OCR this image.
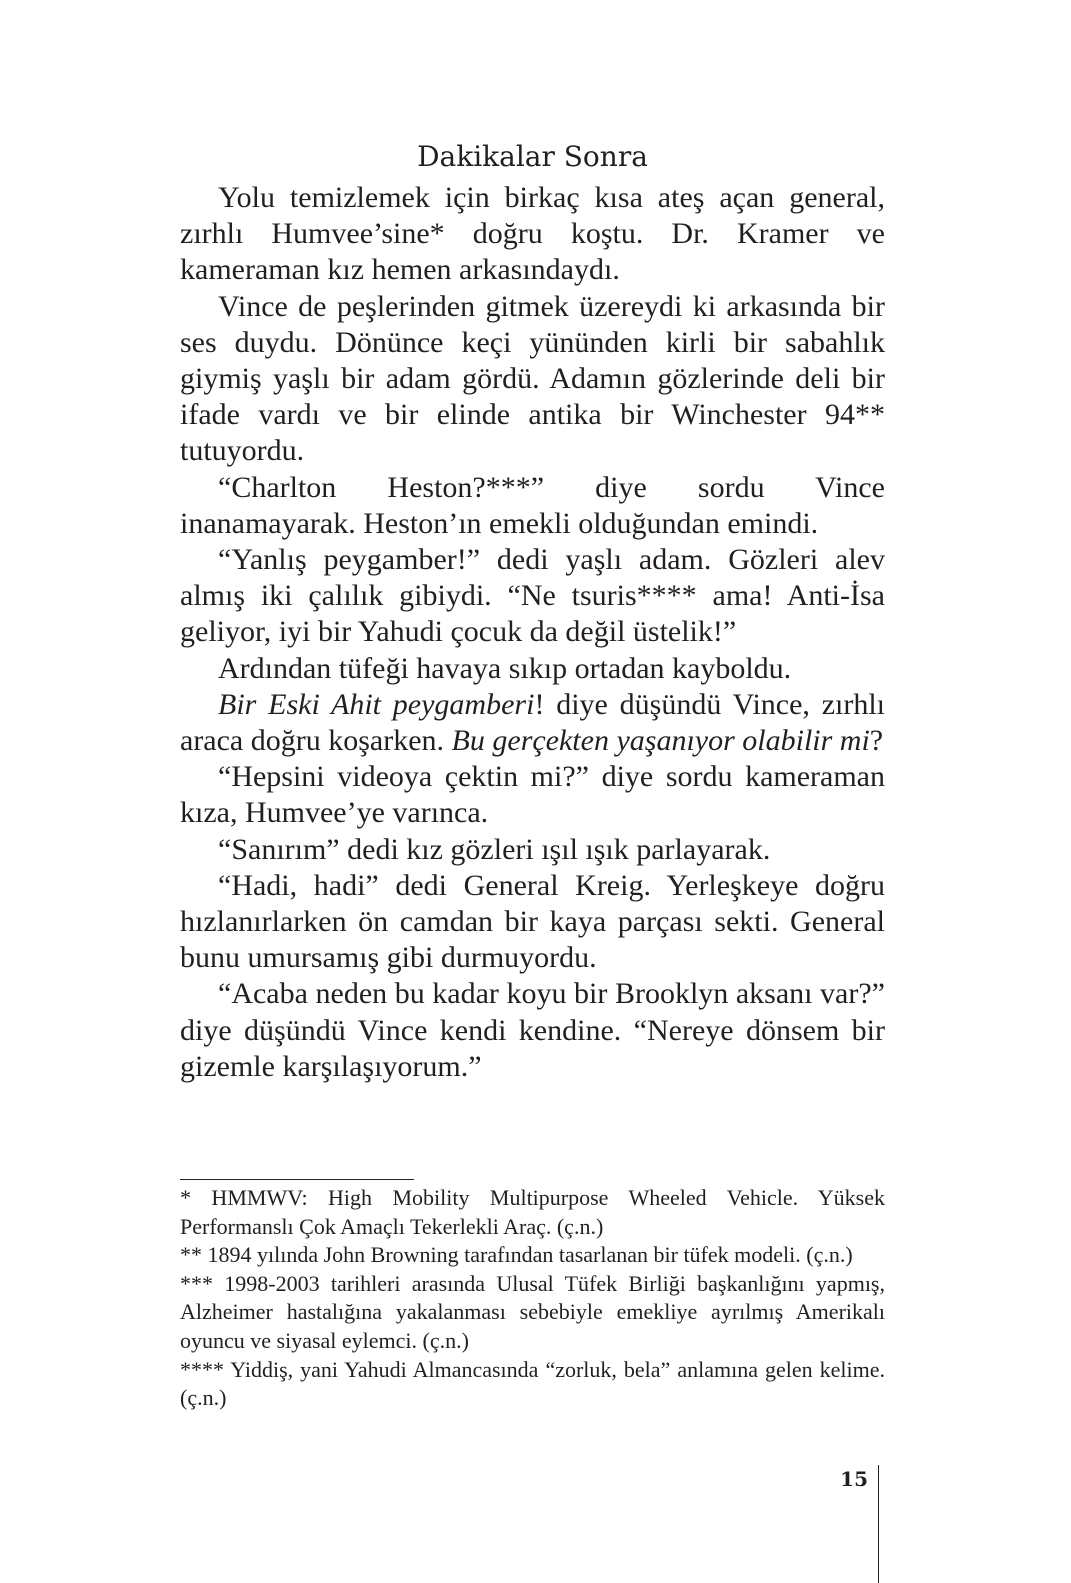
Dakikalar Sonra

Yolu temizlemek için birkaç kısa ateş açan general, zırhlı Humvee’sine* doğru koştu. Dr. Kramer ve kameraman kız hemen arkasındaydı.

Vince de peşlerinden gitmek üzereydi ki arkasında bir ses duydu. Dönünce keçi yününden kirli bir sabahlık giymiş yaşlı bir adam gördü. Adamın gözlerinde deli bir ifade vardı ve bir elinde antika bir Winchester 94** tutuyordu.

“Charlton Heston?***” diye sordu Vince inanamayarak. Heston’ın emekli olduğundan emindi.

“Yanlış peygamber!” dedi yaşlı adam. Gözleri alev almış iki çalılık gibiydi. “Ne tsuris**** ama! Anti-İsa geliyor, iyi bir Yahudi çocuk da değil üstelik!”

Ardından tüfeği havaya sıkıp ortadan kayboldu.

Bir Eski Ahit peygamberi! diye düşündü Vince, zırhlı araca doğru koşarken. Bu gerçekten yaşanıyor olabilir mi?

“Hepsini videoya çektin mi?” diye sordu kameraman kıza, Humvee’ye varınca.

“Sanırım” dedi kız gözleri ışıl ışık parlayarak.

“Hadi, hadi” dedi General Kreig. Yerleşkeye doğru hızlanırlarken ön camdan bir kaya parçası sekti. General bunu umursamış gibi durmuyordu.

“Acaba neden bu kadar koyu bir Brooklyn aksanı var?” diye düşündü Vince kendi kendine. “Nereye dönsem bir gizemle karşılaşıyorum.”

* HMMWV: High Mobility Multipurpose Wheeled Vehicle. Yüksek Performanslı Çok Amaçlı Tekerlekli Araç. (ç.n.)

** 1894 yılında John Browning tarafından tasarlanan bir tüfek modeli. (ç.n.)

*** 1998-2003 tarihleri arasında Ulusal Tüfek Birliği başkanlığını yapmış, Alzheimer hastalığına yakalanması sebebiyle emekliye ayrılmış Amerikalı oyuncu ve siyasal eylemci. (ç.n.)

**** Yiddiş, yani Yahudi Almancasında “zorluk, bela” anlamına gelen kelime. (ç.n.)

15
